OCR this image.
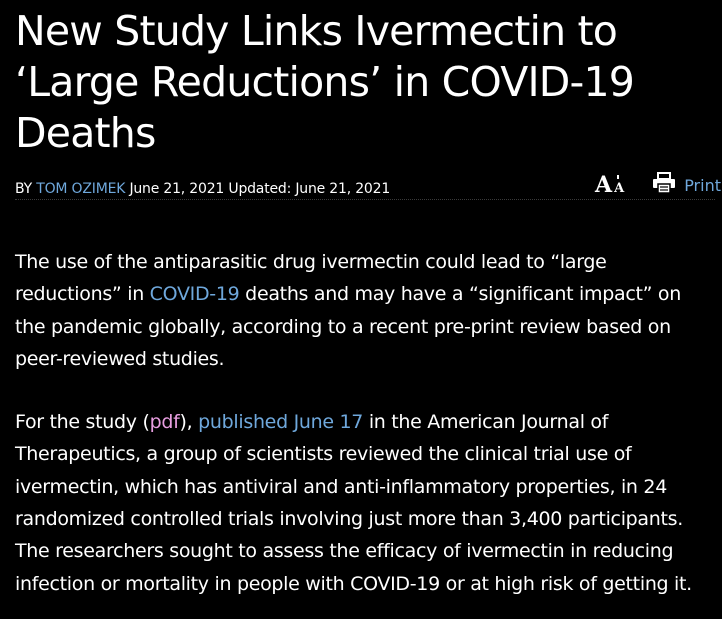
New Study Links Ivermectin to ‘Large Reductions’ in COVID-19 Deaths
BY TOM OZIMEK June 21, 2021 Updated: June 21, 2021	A A	Print

The use of the antiparasitic drug ivermectin could lead to “large reductions” in COVID-19 deaths and may have a “significant impact” on the pandemic globally, according to a recent pre-print review based on peer-reviewed studies.

For the study (pdf), published June 17 in the American Journal of Therapeutics, a group of scientists reviewed the clinical trial use of ivermectin, which has antiviral and anti-inflammatory properties, in 24 randomized controlled trials involving just more than 3,400 participants. The researchers sought to assess the efficacy of ivermectin in reducing infection or mortality in people with COVID-19 or at high risk of getting it.
